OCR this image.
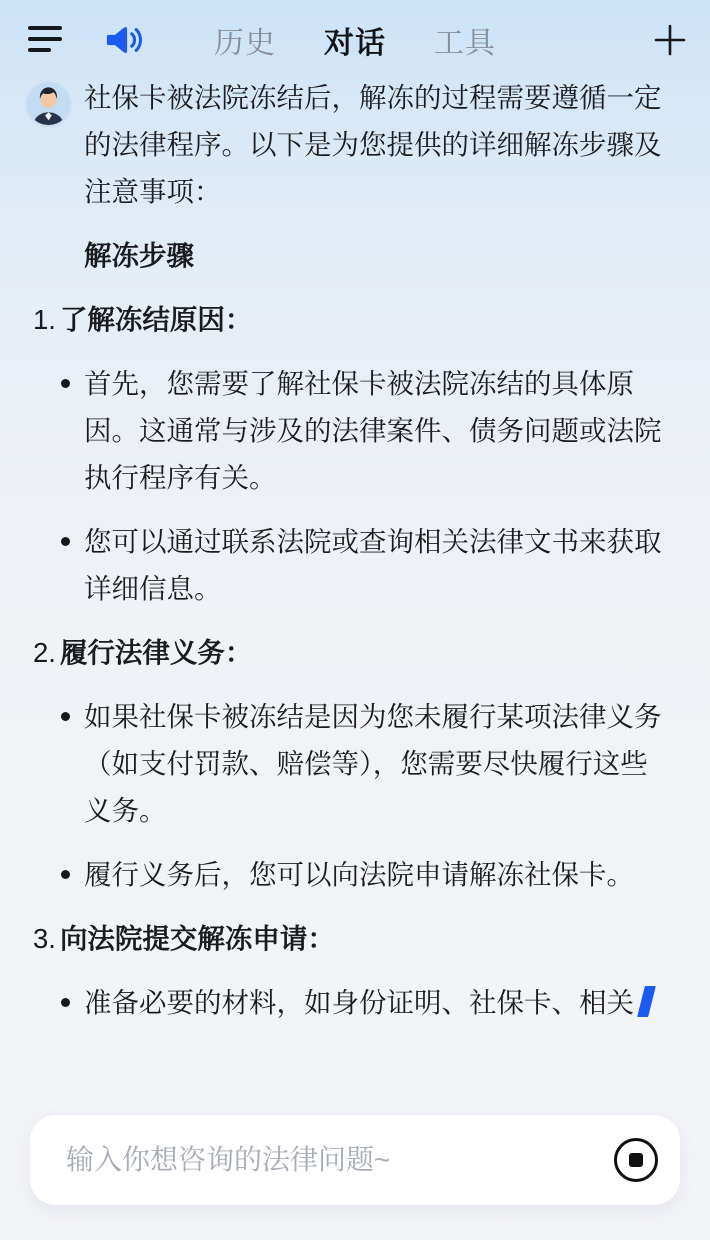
历史 对话 工具
社保卡被法院冻结后，解冻的过程需要遵循一定的法律程序。以下是为您提供的详细解冻步骤及注意事项：
解冻步骤
1. 了解冻结原因：
首先，您需要了解社保卡被法院冻结的具体原因。这通常与涉及的法律案件、债务问题或法院执行程序有关。
您可以通过联系法院或查询相关法律文书来获取详细信息。
2. 履行法律义务：
如果社保卡被冻结是因为您未履行某项法律义务（如支付罚款、赔偿等），您需要尽快履行这些义务。
履行义务后，您可以向法院申请解冻社保卡。
3. 向法院提交解冻申请：
准备必要的材料，如身份证明、社保卡、相关
输入你想咨询的法律问题~
